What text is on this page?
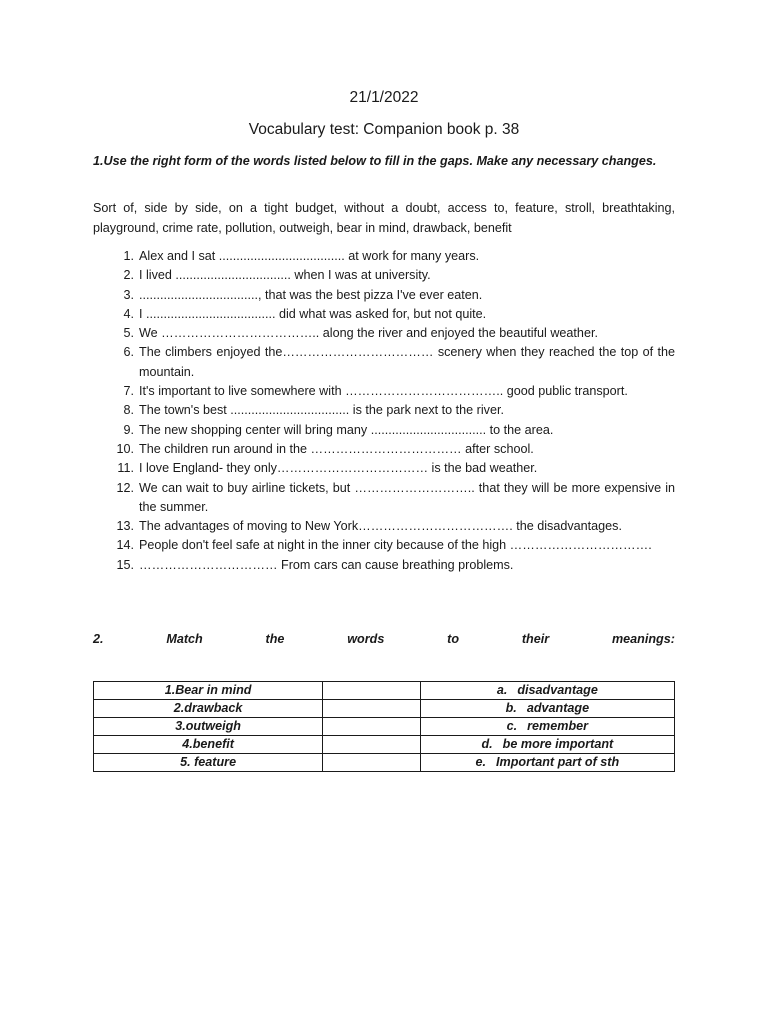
21/1/2022
Vocabulary test: Companion book p. 38
1.Use the right form of the words listed below to fill in the gaps. Make any necessary changes.
Sort of, side by side, on a tight budget, without a doubt, access to, feature, stroll, breathtaking, playground, crime rate, pollution, outweigh, bear in mind, drawback, benefit
1. Alex and I sat .................................... at work for many years.
2. I lived ................................. when I was at university.
3. .................................., that was the best pizza I've ever eaten.
4. I ..................................... did what was asked for, but not quite.
5. We ……………………………….. along the river and enjoyed the beautiful weather.
6. The climbers enjoyed the……………………………… scenery when they reached the top of the mountain.
7. It's important to live somewhere with ……………………………….. good public transport.
8. The town's best .................................. is the park next to the river.
9. The new shopping center will bring many ................................. to the area.
10. The children run around in the ……………………………… after school.
11. I love England- they only……………………………… is the bad weather.
12. We can wait to buy airline tickets, but ……………………….. that they will be more expensive in the summer.
13. The advantages of moving to New York………………………………. the disadvantages.
14. People don't feel safe at night in the inner city because of the high …………………………….
15. …………………………… From cars can cause breathing problems.
2.	Match	the	words	to	their	meanings:
1.Bear in mind		a. disadvantage
2.drawback		b. advantage
3.outweigh		c. remember
4.benefit		d. be more important
5. feature		e. Important part of sth
